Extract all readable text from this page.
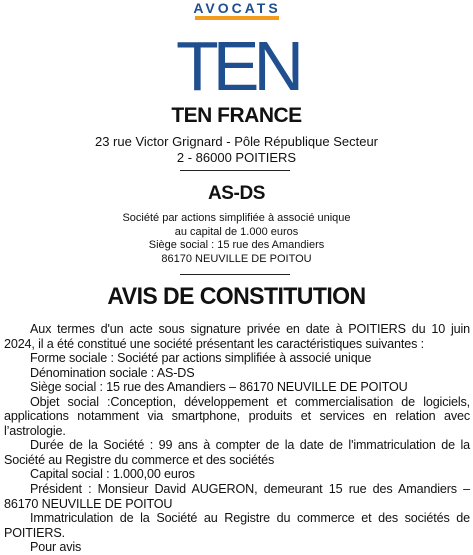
AVOCATS
TEN
TEN FRANCE
23 rue Victor Grignard - Pôle République Secteur
2 - 86000 POITIERS
AS-DS
Société par actions simplifiée à associé unique
au capital de 1.000 euros
Siège social : 15 rue des Amandiers
86170 NEUVILLE DE POITOU
AVIS DE CONSTITUTION

Aux termes d'un acte sous signature privée en date à POITIERS du 10 juin 2024, il a été constitué une société présentant les caractéristiques suivantes :

Forme sociale : Société par actions simplifiée à associé unique

Dénomination sociale : AS-DS

Siège social : 15 rue des Amandiers – 86170 NEUVILLE DE POITOU

Objet social :Conception, développement et commercialisation de logiciels, applications notamment via smartphone, produits et services en relation avec l’astrologie.

Durée de la Société : 99 ans à compter de la date de l'immatriculation de la Société au Registre du commerce et des sociétés

Capital social : 1.000,00 euros

Président : Monsieur David AUGERON, demeurant 15 rue des Amandiers – 86170 NEUVILLE DE POITOU

Immatriculation de la Société au Registre du commerce et des sociétés de POITIERS.

Pour avis
